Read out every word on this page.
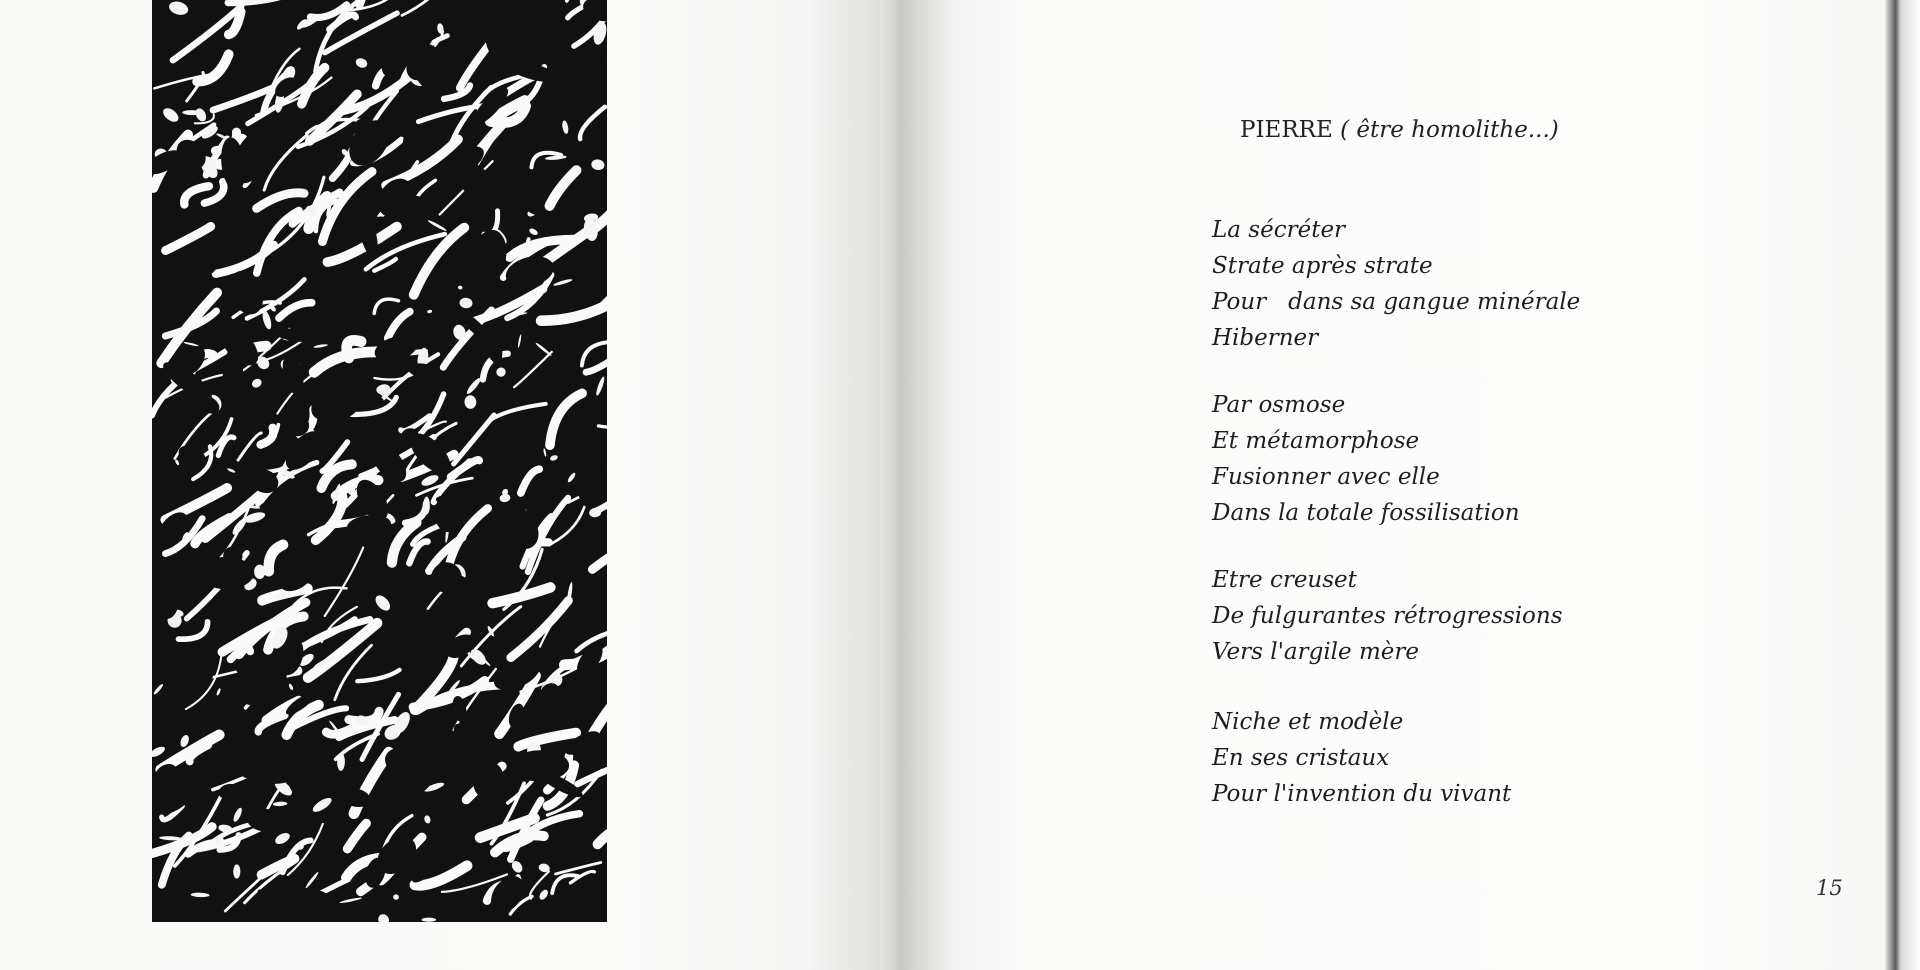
PIERRE ( être homolithe...)
La sécréter
Strate après strate
Pour   dans sa gangue minérale
Hiberner
Par osmose
Et métamorphose
Fusionner avec elle
Dans la totale fossilisation
Etre creuset
De fulgurantes rétrogressions
Vers l'argile mère
Niche et modèle
En ses cristaux
Pour l'invention du vivant
15
